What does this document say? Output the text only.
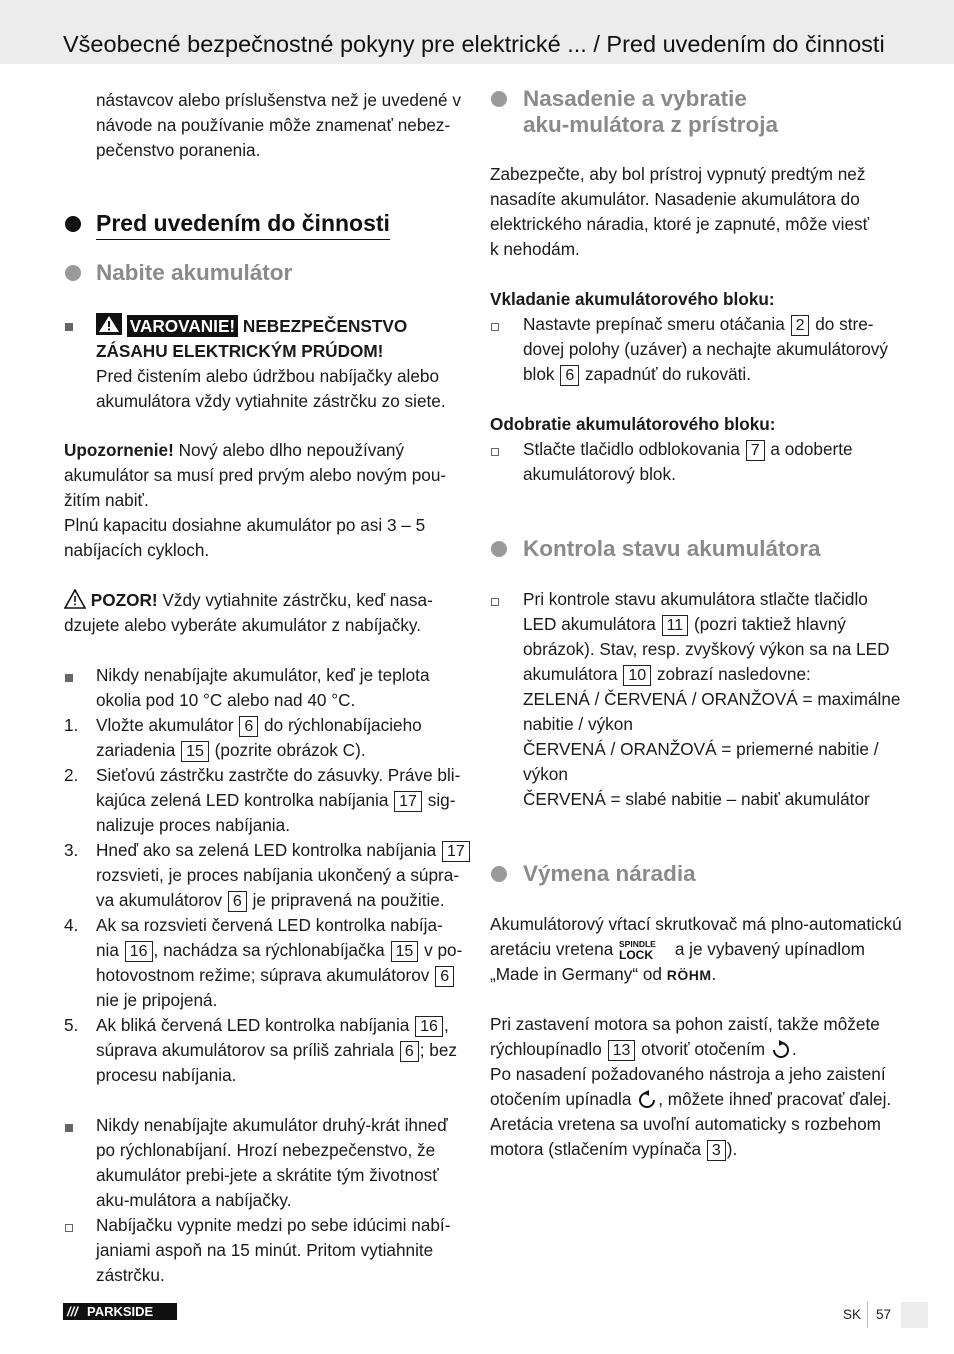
Všeobecné bezpečnostné pokyny pre elektrické ... / Pred uvedením do činnosti
nástavcov alebo príslušenstva než je uvedené v
návode na používanie môže znamenať nebez-
pečenstvo poranenia.
Pred uvedením do činnosti
Nabite akumulátor
VAROVANIE! NEBEZPEČENSTVO
ZÁSAHU ELEKTRICKÝM PRÚDOM!
Pred čistením alebo údržbou nabíjačky alebo
akumulátora vždy vytiahnite zástrčku zo siete.
Upozornenie! Nový alebo dlho nepoužívaný
akumulátor sa musí pred prvým alebo novým pou-
žitím nabiť.
Plnú kapacitu dosiahne akumulátor po asi 3 – 5
nabíjacích cykloch.
POZOR! Vždy vytiahnite zástrčku, keď nasa-
dzujete alebo vyberáte akumulátor z nabíjačky.
Nikdy nenabíjajte akumulátor, keď je teplota
okolia pod 10 °C alebo nad 40 °C.
1. Vložte akumulátor 6 do rýchlonabíjacieho
zariadenia 15 (pozrite obrázok C).
2. Sieťovú zástrčku zastrčte do zásuvky. Práve bli-
kajúca zelená LED kontrolka nabíjania 17 sig-
nalizuje proces nabíjania.
3. Hneď ako sa zelená LED kontrolka nabíjania 17
rozsvieti, je proces nabíjania ukončený a súpra-
va akumulátorov 6 je pripravená na použitie.
4. Ak sa rozsvieti červená LED kontrolka nabíja-
nia 16 , nachádza sa rýchlonabíjačka 15 v po-
hotovostnom režime; súprava akumulátorov 6
nie je pripojená.
5. Ak bliká červená LED kontrolka nabíjania 16 ,
súprava akumulátorov sa príliš zahriala 6 ; bez
procesu nabíjania.
Nikdy nenabíjajte akumulátor druhý-krát ihneď
po rýchlonabíjaní. Hrozí nebezpečenstvo, že
akumulátor prebi-jete a skrátite tým životnosť
aku-mulátora a nabíjačky.
Nabíjačku vypnite medzi po sebe idúcimi nabí-
janiami aspoň na 15 minút. Pritom vytiahnite
zástrčku.
Nasadenie a vybratie
aku-mulátora z prístroja
Zabezpečte, aby bol prístroj vypnutý predtým než
nasadíte akumulátor. Nasadenie akumulátora do
elektrického náradia, ktoré je zapnuté, môže viesť
k nehodám.
Vkladanie akumulátorového bloku:
Nastavte prepínač smeru otáčania 2 do stre-
dovej polohy (uzáver) a nechajte akumulátorový
blok 6 zapadnúť do rukoväti.
Odobratie akumulátorového bloku:
Stlačte tlačidlo odblokovania 7 a odoberte
akumulátorový blok.
Kontrola stavu akumulátora
Pri kontrole stavu akumulátora stlačte tlačidlo
LED akumulátora 11 (pozri taktiež hlavný
obrázok). Stav, resp. zvyškový výkon sa na LED
akumulátora 10 zobrazí nasledovne:
ZELENÁ / ČERVENÁ / ORANŽOVÁ = maximálne
nabitie / výkon
ČERVENÁ / ORANŽOVÁ = priemerné nabitie /
výkon
ČERVENÁ = slabé nabitie – nabiť akumulátor
Výmena náradia
Akumulátorový vŕtací skrutkovač má plno-automatickú
aretáciu vretena SPINDLE
LOCK a je vybavený upínadlom
„Made in Germany“ od RÖHM.
Pri zastavení motora sa pohon zaistí, takže môžete
rýchloupínadlo 13 otvoriť otočením .
Po nasadení požadovaného nástroja a jeho zaistení
otočením upínadla , môžete ihneď pracovať ďalej.
Aretácia vretena sa uvoľní automaticky s rozbehom
motora (stlačením vypínača 3 ).
/// PARKSIDE	SK 57
